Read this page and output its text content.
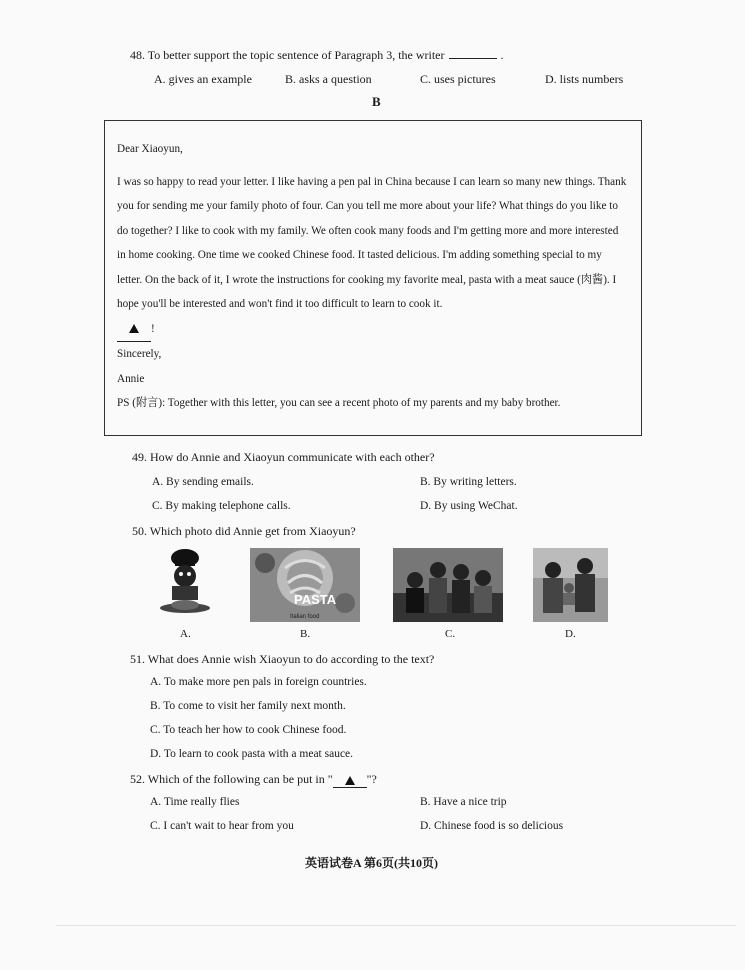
48. To better support the topic sentence of Paragraph 3, the writer	.
A. gives an example	B. asks a question	C. uses pictures	D. lists numbers
B

Dear Xiaoyun,

I was so happy to read your letter. I like having a pen pal in China because I can learn so many new things. Thank you for sending me your family photo of four. Can you tell me more about your life? What things do you like to do together? I like to cook with my family. We often cook many foods and I'm getting more and more interested in home cooking. One time we cooked Chinese food. It tasted delicious. I'm adding something special to my letter. On the back of it, I wrote the instructions for cooking my favorite meal, pasta with a meat sauce (肉酱). I hope you'll be interested and won't find it too difficult to learn to cook it.

!

Sincerely,

Annie

PS (附言): Together with this letter, you can see a recent photo of my parents and my baby brother.

49. How do Annie and Xiaoyun communicate with each other?
A. By sending emails.	B. By writing letters.
C. By making telephone calls.	D. By using WeChat.
50. Which photo did Annie get from Xiaoyun?
PASTA
Italian food
A.	B.	C.	D.
51. What does Annie wish Xiaoyun to do according to the text?
A. To make more pen pals in foreign countries.
B. To come to visit her family next month.
C. To teach her how to cook Chinese food.
D. To learn to cook pasta with a meat sauce.
52. Which of the following can be put in "	"?
A. Time really flies	B. Have a nice trip
C. I can't wait to hear from you	D. Chinese food is so delicious
英语试卷A 第6页(共10页)
